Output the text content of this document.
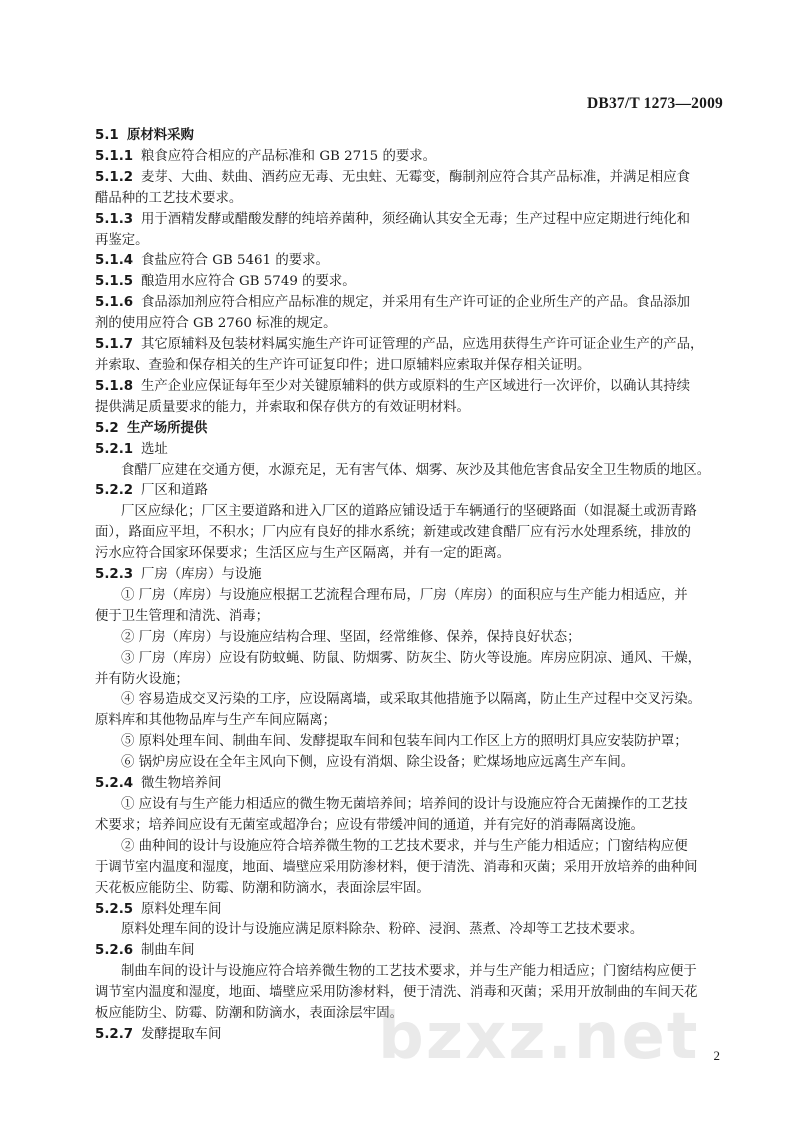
DB37/T 1273—2009
5.1 原材料采购
5.1.1 粮食应符合相应的产品标准和 GB 2715 的要求。
5.1.2 麦芽、大曲、麸曲、酒药应无毒、无虫蛀、无霉变，酶制剂应符合其产品标准，并满足相应食
醋品种的工艺技术要求。
5.1.3 用于酒精发酵或醋酸发酵的纯培养菌种，须经确认其安全无毒；生产过程中应定期进行纯化和
再鉴定。
5.1.4 食盐应符合 GB 5461 的要求。
5.1.5 酿造用水应符合 GB 5749 的要求。
5.1.6 食品添加剂应符合相应产品标准的规定，并采用有生产许可证的企业所生产的产品。食品添加
剂的使用应符合 GB 2760 标准的规定。
5.1.7 其它原辅料及包装材料属实施生产许可证管理的产品，应选用获得生产许可证企业生产的产品，
并索取、查验和保存相关的生产许可证复印件；进口原辅料应索取并保存相关证明。
5.1.8 生产企业应保证每年至少对关键原辅料的供方或原料的生产区域进行一次评价，以确认其持续
提供满足质量要求的能力，并索取和保存供方的有效证明材料。
5.2 生产场所提供
5.2.1 选址
食醋厂应建在交通方便，水源充足，无有害气体、烟雾、灰沙及其他危害食品安全卫生物质的地区。
5.2.2 厂区和道路
厂区应绿化；厂区主要道路和进入厂区的道路应铺设适于车辆通行的坚硬路面（如混凝土或沥青路
面），路面应平坦，不积水；厂内应有良好的排水系统；新建或改建食醋厂应有污水处理系统，排放的
污水应符合国家环保要求；生活区应与生产区隔离，并有一定的距离。
5.2.3 厂房（库房）与设施
① 厂房（库房）与设施应根据工艺流程合理布局，厂房（库房）的面积应与生产能力相适应，并
便于卫生管理和清洗、消毒；
② 厂房（库房）与设施应结构合理、坚固，经常维修、保养，保持良好状态；
③ 厂房（库房）应设有防蚊蝇、防鼠、防烟雾、防灰尘、防火等设施。库房应阴凉、通风、干燥，
并有防火设施；
④ 容易造成交叉污染的工序，应设隔离墙，或采取其他措施予以隔离，防止生产过程中交叉污染。
原料库和其他物品库与生产车间应隔离；
⑤ 原料处理车间、制曲车间、发酵提取车间和包装车间内工作区上方的照明灯具应安装防护罩；
⑥ 锅炉房应设在全年主风向下侧，应设有消烟、除尘设备；贮煤场地应远离生产车间。
5.2.4 微生物培养间
① 应设有与生产能力相适应的微生物无菌培养间；培养间的设计与设施应符合无菌操作的工艺技
术要求；培养间应设有无菌室或超净台；应设有带缓冲间的通道，并有完好的消毒隔离设施。
② 曲种间的设计与设施应符合培养微生物的工艺技术要求，并与生产能力相适应；门窗结构应便
于调节室内温度和湿度，地面、墙壁应采用防渗材料，便于清洗、消毒和灭菌；采用开放培养的曲种间
天花板应能防尘、防霉、防潮和防滴水，表面涂层牢固。
5.2.5 原料处理车间
原料处理车间的设计与设施应满足原料除杂、粉碎、浸润、蒸煮、冷却等工艺技术要求。
5.2.6 制曲车间
制曲车间的设计与设施应符合培养微生物的工艺技术要求，并与生产能力相适应；门窗结构应便于
调节室内温度和湿度，地面、墙壁应采用防渗材料，便于清洗、消毒和灭菌；采用开放制曲的车间天花
板应能防尘、防霉、防潮和防滴水，表面涂层牢固。
5.2.7 发酵提取车间
2
bzxz.net
